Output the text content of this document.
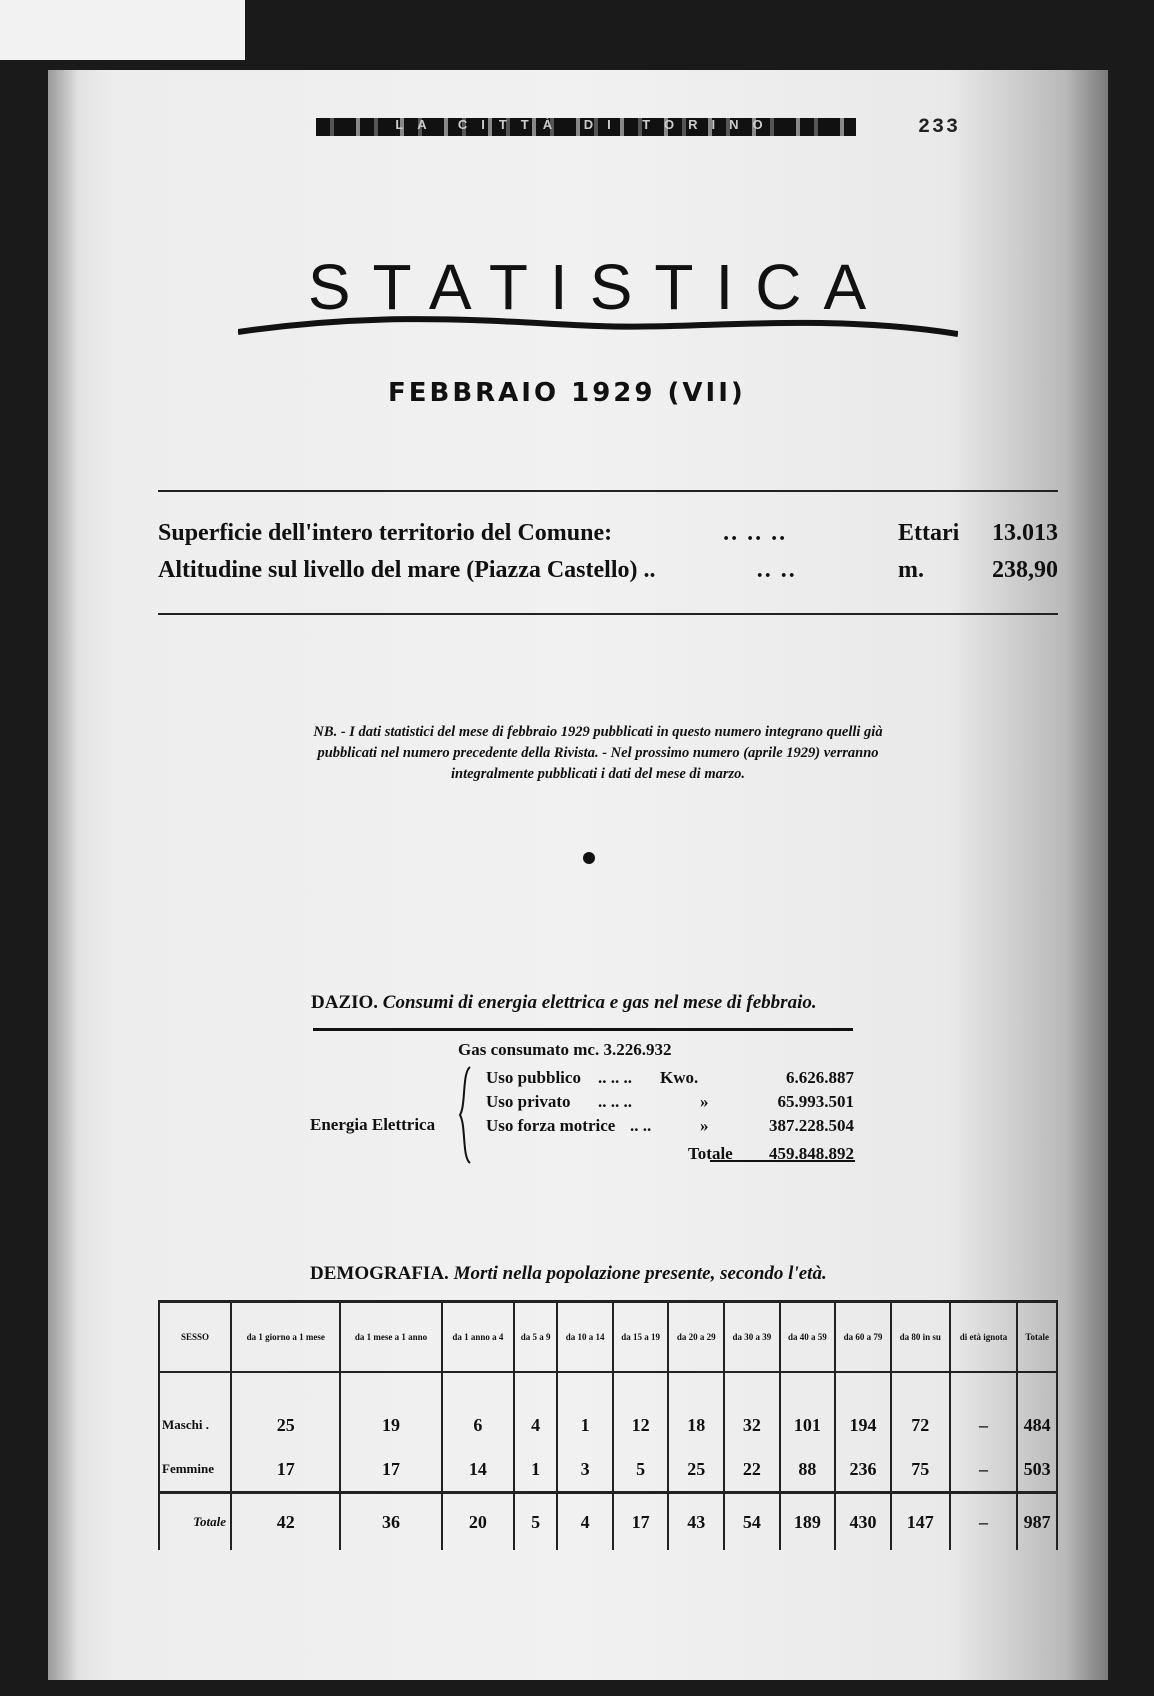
LA CITTÀ DI TORINO	233
STATISTICA
FEBBRAIO 1929 (VII)
Superficie dell'intero territorio del Comune:	.. .. ..	Ettari	13.013
Altitudine sul livello del mare (Piazza Castello) ..	.. ..	m.	238,90
NB. - I dati statistici del mese di febbraio 1929 pubblicati in questo numero integrano quelli già pubblicati nel numero precedente della Rivista. - Nel prossimo numero (aprile 1929) verranno integralmente pubblicati i dati del mese di marzo.
DAZIO. Consumi di energia elettrica e gas nel mese di febbraio.
Gas consumato mc. 3.226.932
Energia Elettrica
Uso pubblico .. .. .. Kwo.	6.626.887
Uso privato .. .. ..	»	65.993.501
Uso forza motrice .. ..	»	387.228.504
Totale	459.848.892
DEMOGRAFIA. Morti nella popolazione presente, secondo l'età.
SESSO	da 1 giorno a 1 mese	da 1 mese a 1 anno	da 1 anno a 4	da 5 a 9	da 10 a 14	da 15 a 19	da 20 a 29	da 30 a 39	da 40 a 59	da 60 a 79	da 80 in su	di età ignota	Totale

Maschi .	25	19	6	4	1	12	18	32	101	194	72	–	484
Femmine	17	17	14	1	3	5	25	22	88	236	75	–	503
Totale	42	36	20	5	4	17	43	54	189	430	147	–	987
